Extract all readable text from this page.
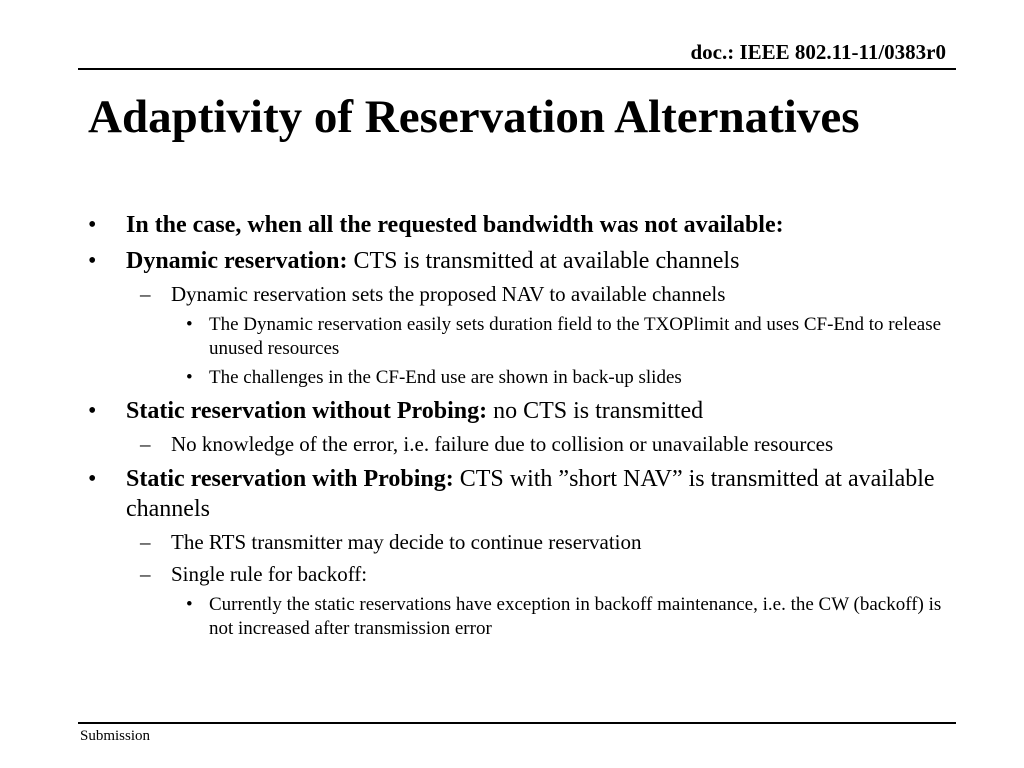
doc.: IEEE 802.11-11/0383r0
Adaptivity of Reservation Alternatives

• In the case, when all the requested bandwidth was not available:

• Dynamic reservation: CTS is transmitted at available channels

– Dynamic reservation sets the proposed NAV to available channels

• The Dynamic reservation easily sets duration field to the TXOPlimit and uses CF-End to release unused resources

• The challenges in the CF-End use are shown in back-up slides

• Static reservation without Probing: no CTS is transmitted

– No knowledge of the error, i.e. failure due to collision or unavailable resources

• Static reservation with Probing: CTS with ”short NAV” is transmitted at available channels

– The RTS transmitter may decide to continue reservation

– Single rule for backoff:

• Currently the static reservations have exception in backoff maintenance, i.e. the CW (backoff) is not increased after transmission error

Submission
